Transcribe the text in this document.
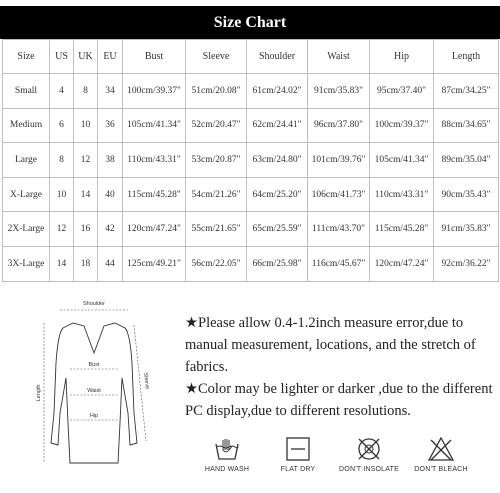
Size Chart
Size	US	UK	EU	Bust	Sleeve	Shoulder	Waist	Hip	Length
Small	4	8	34	100cm/39.37"	51cm/20.08"	61cm/24.02"	91cm/35.83"	95cm/37.40"	87cm/34.25"
Medium	6	10	36	105cm/41.34"	52cm/20.47"	62cm/24.41"	96cm/37.80"	100cm/39.37"	88cm/34.65"
Large	8	12	38	110cm/43.31"	53cm/20.87"	63cm/24.80"	101cm/39.76"	105cm/41.34"	89cm/35.04"
X-Large	10	14	40	115cm/45.28"	54cm/21.26"	64cm/25.20"	106cm/41.73"	110cm/43.31"	90cm/35.43"
2X-Large	12	16	42	120cm/47.24"	55cm/21.65"	65cm/25.59"	111cm/43.70"	115cm/45.28"	91cm/35.83"
3X-Large	14	18	44	125cm/49.21"	56cm/22.05"	66cm/25.98"	116cm/45.67"	120cm/47.24"	92cm/36.22"
Shoulder
Bust
Waist
Hip
Length
Sleeve

★Please allow 0.4-1.2inch measure error,due to manual measurement, locations, and the stretch of fabrics.

★Color may be lighter or darker ,due to the different PC display,due to different resolutions.

HAND WASH	FLAT DRY	DON'T INSOLATE	DON'T BLEACH
